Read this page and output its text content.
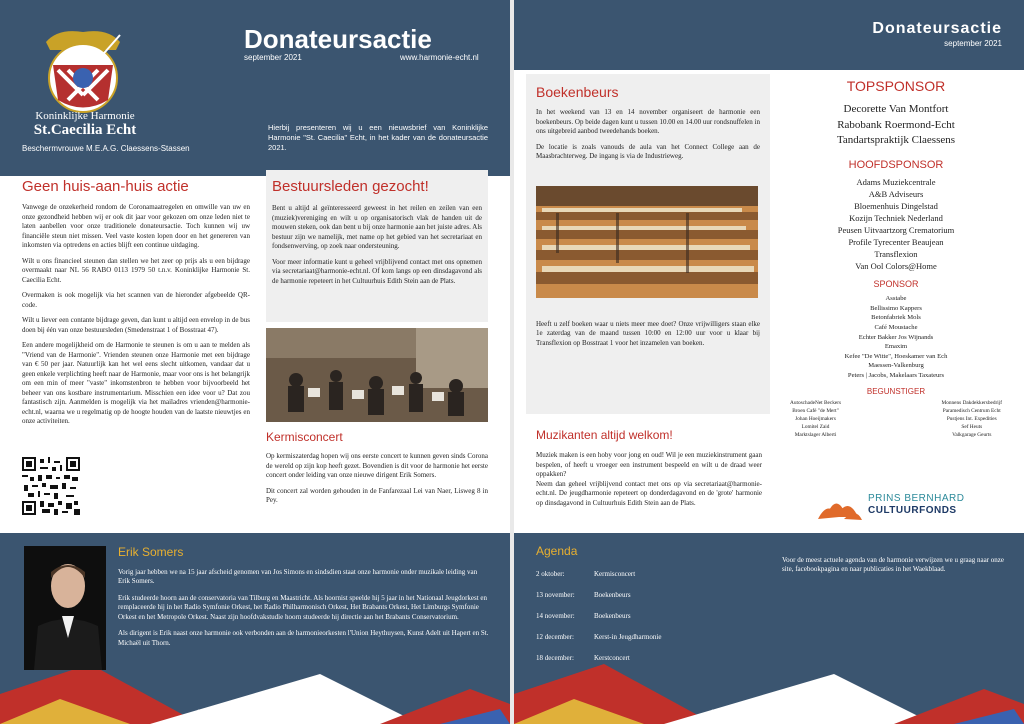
Koninklijke Harmonie
St.Caecilia Echt
Beschermvrouwe M.E.A.G. Claessens-Stassen
Donateursactie
september 2021	www.harmonie-echt.nl
Hierbij presenteren wij u een nieuwsbrief van Koninklijke Harmonie "St. Caecilia" Echt, in het kader van de donateursactie 2021.
Geen huis-aan-huis actie

Vanwege de onzekerheid rondom de Coronamaatregelen en omwille van uw en onze gezondheid hebben wij er ook dit jaar voor gekozen om onze leden niet te laten aanbellen voor onze traditionele donateursactie. Toch kunnen wij uw financiële steun niet missen. Veel vaste kosten lopen door en het genereren van inkomsten via optredens en acties blijft een continue uitdaging.

Wilt u ons financieel steunen dan stellen we het zeer op prijs als u een bijdrage overmaakt naar NL 56 RABO 0113 1979 50 t.n.v. Koninklijke Harmonie St. Caecilia Echt.

Overmaken is ook mogelijk via het scannen van de hieronder afgebeelde QR-code.

Wilt u liever een contante bijdrage geven, dan kunt u altijd een envelop in de bus doen bij één van onze bestuursleden (Smedenstraat 1 of Bosstraat 47).

Een andere mogelijkheid om de Harmonie te steunen is om u aan te melden als "Vriend van de Harmonie". Vrienden steunen onze Harmonie met een bijdrage van € 50 per jaar. Natuurlijk kan het wel eens slecht uitkomen, vandaar dat u geen enkele verplichting heeft naar de Harmonie, maar voor ons is het belangrijk om een min of meer "vaste" inkomstenbron te hebben voor bijvoorbeeld het beheer van ons kostbare instrumentarium. Misschien een idee voor u? Dat zou fantastisch zijn. Aanmelden is mogelijk via het mailadres vrienden@harmonie-echt.nl, waarna we u regelmatig op de hoogte houden van de laatste nieuwtjes en onze activiteiten.

Bestuursleden gezocht!

Bent u altijd al geïnteresseerd geweest in het reilen en zeilen van een (muziek)vereniging en wilt u op organisatorisch vlak de handen uit de mouwen steken, ook dan bent u bij onze harmonie aan het juiste adres. Als bestuur zijn we namelijk, met name op het gebied van het secretariaat en fondsenwerving, op zoek naar ondersteuning.

Voor meer informatie kunt u geheel vrijblijvend contact met ons opnemen via secretariaat@harmonie-echt.nl. Of kom langs op een dinsdagavond als de harmonie repeteert in het Cultuurhuis Edith Stein aan de Plats.

Kermisconcert

Op kermiszaterdag hopen wij ons eerste concert te kunnen geven sinds Corona de wereld op zijn kop heeft gezet. Bovendien is dit voor de harmonie het eerste concert onder leiding van onze nieuwe dirigent Erik Somers.

Dit concert zal worden gehouden in de Fanfarezaal Lei van Naer, Lisweg 8 in Pey.

Erik Somers

Vorig jaar hebben we na 15 jaar afscheid genomen van Jos Simons en sindsdien staat onze harmonie onder muzikale leiding van Erik Somers.

Erik studeerde hoorn aan de conservatoria van Tilburg en Maastricht. Als hoornist speelde hij 5 jaar in het Nationaal Jeugdorkest en remplaceerde hij in het Radio Symfonie Orkest, het Radio Philharmonisch Orkest, Het Brabants Orkest, Het Limburgs Symfonie Orkest en het Metropole Orkest. Naast zijn hoofdvakstudie hoorn studeerde hij directie aan het Brabants Conservatorium.

Als dirigent is Erik naast onze harmonie ook verbonden aan de harmonieorkesten l'Union Heythuysen, Kunst Adelt uit Hapert en St. Michaël uit Thorn.

Koninklijke Harmonie "St. Caecilia" Echt
Donateursactie
september 2021
Boekenbeurs

In het weekend van 13 en 14 november organiseert de harmonie een boekenbeurs. Op beide dagen kunt u tussen 10.00 en 14.00 uur rondsnuffelen in ons uitgebreid aanbod tweedehands boeken.

De locatie is zoals vanouds de aula van het Connect College aan de Maasbrachterweg. De ingang is via de Industrieweg.

Heeft u zelf boeken waar u niets meer mee doet? Onze vrijwilligers staan elke 1e zaterdag van de maand tussen 10:00 en 12:00 uur voor u klaar bij Transflexion op Bosstraat 1 voor het inzamelen van boeken.

Muzikanten altijd welkom!

Muziek maken is een hoby voor jong en oud! Wil je een muziekinstrument gaan bespelen, of heeft u vroeger een instrument bespeeld en wilt u de draad weer oppakken?

Neem dan geheel vrijblijvend contact met ons op via secretariaat@harmonie-echt.nl. De jeugdharmonie repeteert op donderdagavond en de 'grote' harmonie op dinsdagavond in Cultuurhuis Edith Stein aan de Plats.

TOPSPONSOR
Decorette Van Montfort
Rabobank Roermond-Echt
Tandartspraktijk Claessens
HOOFDSPONSOR
Adams Muziekcentrale
A&B Adviseurs
Bloemenhuis Dingelstad
Kozijn Techniek Nederland
Peusen Uitvaartzorg Crematorium
Profile Tyrecenter Beaujean
Transflexion
Van Ool Colors@Home
SPONSOR
Asstabe
Bellissimo Kappers
Betonfabriek Mols
Café Moustache
Echter Bakker Jos Wijnands
Emaxim
Kefee "De Witte", Hoeskamer van Ech
Maessen-Valkenburg
Peters | Jacobs, Makelaars Taxateurs
BEGUNSTIGER
AutoschadeNet Beckers
Broen Café "de Mert"
Johan Hoeijmakers
Lomitel Zaid
Marktslager Alberti
Monnens Dakdekkersbedrijf
Paramedisch Centrum Echt
Pustjens Int. Expedities
Sef Heuts
Valkgarage Geurts
PRINS BERNHARD
CULTUURFONDS
Agenda
2 oktober:	Kermisconcert
13 november:	Boekenbeurs
14 november:	Boekenbeurs
12 december:	Kerst-in Jeugdharmonie
18 december:	Kerstconcert
Voor de meest actuele agenda van de harmonie verwijzen we u graag naar onze site, facebookpagina en naar publicaties in het Waekblaad.
Koninklijke Harmonie "St. Caecilia" Echt
